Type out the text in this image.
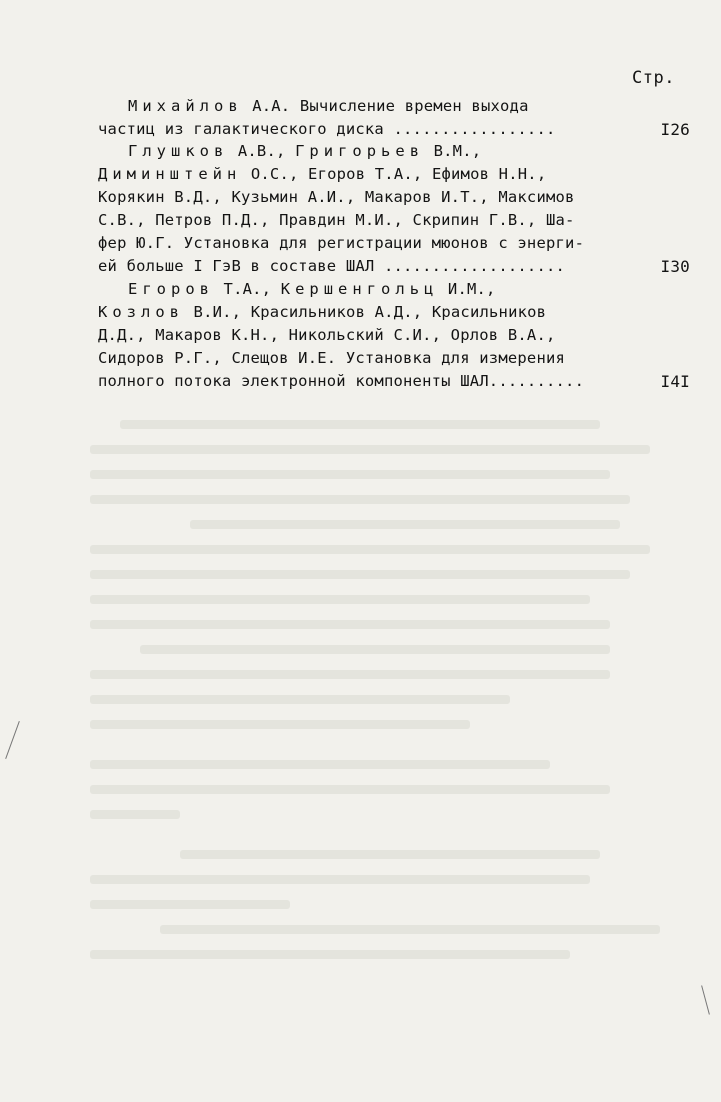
Стр.
Михайлов А.А. Вычисление времен выхода
частиц из галактического диска .................	I26
Глушков А.В., Григорьев В.М.,
Диминштейн О.С., Егоров Т.А., Ефимов Н.Н.,
Корякин В.Д., Кузьмин А.И., Макаров И.Т., Максимов
С.В., Петров П.Д., Правдин М.И., Скрипин Г.В., Ша-
фер Ю.Г. Установка для регистрации мюонов с энерги-
ей больше I ГэВ в составе ШАЛ ...................	I30
Егоров Т.А., Кершенгольц И.М.,
Козлов В.И., Красильников А.Д., Красильников
Д.Д., Макаров К.Н., Никольский С.И., Орлов В.А.,
Сидоров Р.Г., Слещов И.Е. Установка для измерения
полного потока электронной компоненты ШАЛ..........	I4I
